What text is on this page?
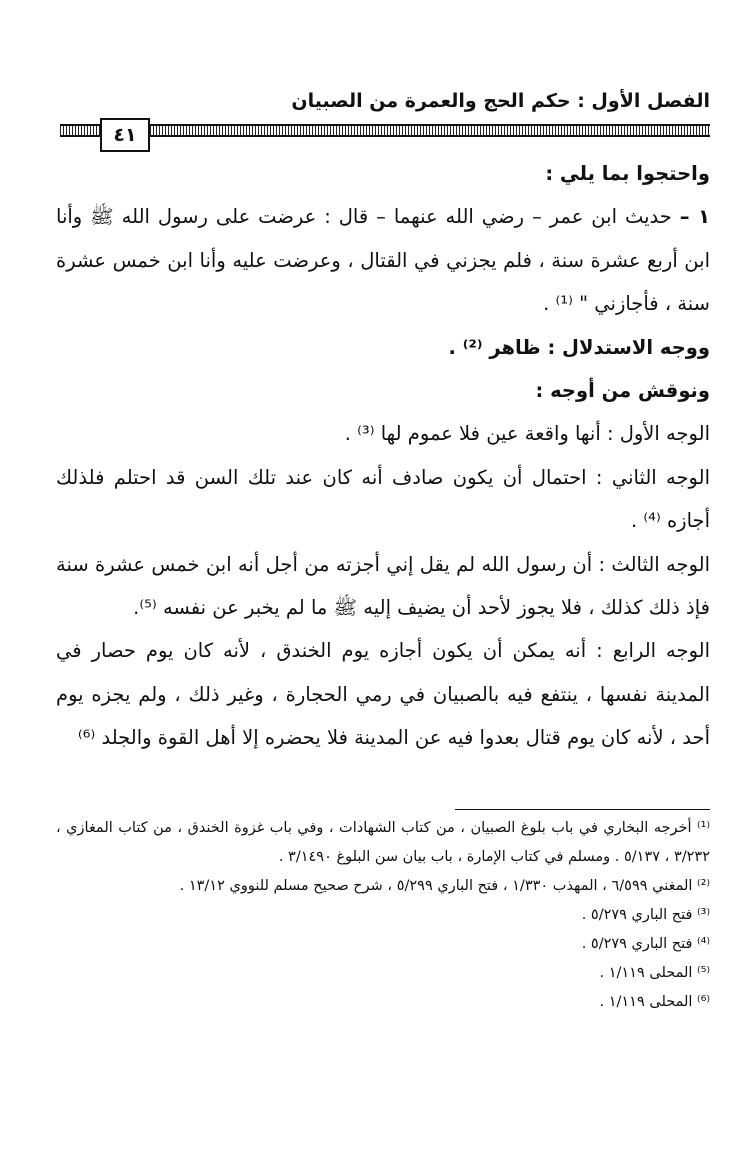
الفصل الأول : حكم الحج والعمرة من الصبيان
٤١

واحتجوا بما يلي :

١ – حديث ابن عمر – رضي الله عنهما – قال : عرضت على رسول الله ﷺ وأنا ابن أربع عشرة سنة ، فلم يجزني في القتال ، وعرضت عليه وأنا ابن خمس عشرة سنة ، فأجازني " ⁽¹⁾ .

ووجه الاستدلال : ظاهر ⁽²⁾ .

ونوقش من أوجه :

الوجه الأول : أنها واقعة عين فلا عموم لها ⁽³⁾ .

الوجه الثاني : احتمال أن يكون صادف أنه كان عند تلك السن قد احتلم فلذلك أجازه ⁽⁴⁾ .

الوجه الثالث : أن رسول الله لم يقل إني أجزته من أجل أنه ابن خمس عشرة سنة فإذ ذلك كذلك ، فلا يجوز لأحد أن يضيف إليه ﷺ ما لم يخبر عن نفسه ⁽⁵⁾.

الوجه الرابع : أنه يمكن أن يكون أجازه يوم الخندق ، لأنه كان يوم حصار في المدينة نفسها ، ينتفع فيه بالصبيان في رمي الحجارة ، وغير ذلك ، ولم يجزه يوم أحد ، لأنه كان يوم قتال بعدوا فيه عن المدينة فلا يحضره إلا أهل القوة والجلد ⁽⁶⁾

⁽¹⁾ أخرجه البخاري في باب بلوغ الصبيان ، من كتاب الشهادات ، وفي باب غزوة الخندق ، من كتاب المغازي ، ٣/٢٣٢ ، ٥/١٣٧ . ومسلم في كتاب الإمارة ، باب بيان سن البلوغ ٣/١٤٩٠ .

⁽²⁾ المغني ٦/٥٩٩ ، المهذب ١/٣٣٠ ، فتح الباري ٥/٢٩٩ ، شرح صحيح مسلم للنووي ١٣/١٢ .

⁽³⁾ فتح الباري ٥/٢٧٩ .

⁽⁴⁾ فتح الباري ٥/٢٧٩ .

⁽⁵⁾ المحلى ١/١١٩ .

⁽⁶⁾ المحلى ١/١١٩ .
